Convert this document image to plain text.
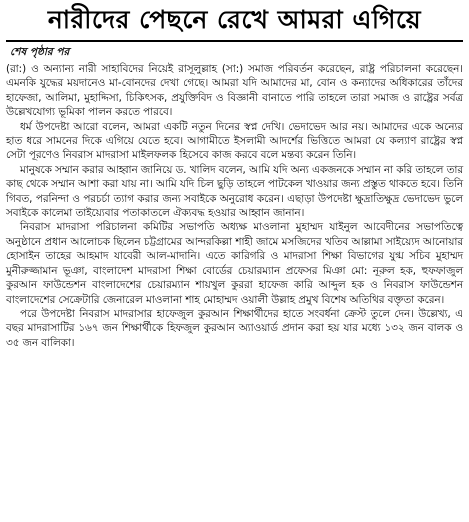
নারীদের পেছনে রেখে আমরা এগিয়ে
শেষ পৃষ্ঠার পর

(রা:) ও অন্যান্য নারী সাহাবিদের নিয়েই রাসূলুল্লাহ (সা:) সমাজ পরিবর্তন করেছেন, রাষ্ট্র পরিচালনা করেছেন। এমনকি যুদ্ধের ময়দানেও মা-বোনদের দেখা গেছে। আমরা যদি আমাদের মা, বোন ও কন্যাদের অধিকারের তাঁদের হাফেজা, আলিমা, মুহাদ্দিসা, চিকিৎসক, প্রযুক্তিবিদ ও বিজ্ঞানী বানাতে পারি তাহলে তারা সমাজ ও রাষ্ট্রের সর্বত্র উল্লেখযোগ্য ভূমিকা পালন করতে পারবে।

ধর্ম উপদেষ্টা আরো বলেন, আমরা একটি নতুন দিনের স্বপ্ন দেখি। ভেদাভেদ আর নয়। আমাদের একে অন্যের হাত ধরে সামনের দিকে এগিয়ে যেতে হবে। আগামীতে ইসলামী আদর্শের ভিত্তিতে আমরা যে কল্যাণ রাষ্ট্রের স্বপ্ন সেটা পূরণেও নিবরাস মাদরাসা মাইলফলক হিসেবে কাজ করবে বলে মন্তব্য করেন তিনি।

মানুষকে সম্মান করার আহ্বান জানিয়ে ড. খালিদ বলেন, আমি যদি অন্য একজনকে সম্মান না করি তাহলে তার কাছ থেকে সম্মান আশা করা যায় না। আমি যদি চিল ছুড়ি তাহলে পাটকেল খাওয়ার জন্য প্রস্তুত থাকতে হবে। তিনি গিবত, পরনিন্দা ও পরচর্চা ত্যাগ করার জন্য সবাইকে অনুরোধ করেন। এছাড়া উপদেষ্টা ক্ষুদ্রাতিক্ষুদ্র ভেদাভেদ ভুলে সবাইকে কালেমা তাইয়্যেবার পতাকাতলে ঐক্যবদ্ধ হওয়ার আহ্বান জানান।

নিবরাস মাদরাসা পরিচালনা কমিটির সভাপতি অধ্যক্ষ মাওলানা মুহাম্মদ যাইনুল আবেদীনের সভাপতিত্বে অনুষ্ঠানে প্রধান আলোচক ছিলেন চট্টগ্রামের আন্দরকিল্লা শাহী জামে মসজিদের খতিব আল্লামা সাইয়্যেদ আনোয়ার হোসাইন তাহের আহমাদ যাবেরী আল-মাদানি। এতে কারিগরি ও মাদরাসা শিক্ষা বিভাগের যুগ্ম সচিব মুহাম্মদ মুনীরুজ্জামান ভূঞা, বাংলাদেশ মাদরাসা শিক্ষা বোর্ডের চেয়ারম্যান প্রফেসর মিঞা মো: নূরুল হক, হুফফাজুল কুরআন ফাউন্ডেশন বাংলাদেশের চেয়ারম্যান শায়খুল কুররা হাফেজ কারি আব্দুল হক ও নিবরাস ফাউন্ডেশন বাংলাদেশের সেক্রেটারি জেনারেল মাওলানা শাহ মোহাম্মদ ওয়ালী উল্লাহ প্রমুখ বিশেষ অতিথির বক্তৃতা করেন।

পরে উপদেষ্টা নিবরাস মাদরাসার হাফেজুল কুরআন শিক্ষার্থীদের হাতে সংবর্ধনা ক্রেস্ট তুলে দেন। উল্লেখ্য, এ বছর মাদরাসাটির ১৬৭ জন শিক্ষার্থীকে হিফজুল কুরআন অ্যাওয়ার্ড প্রদান করা হয় যার মধ্যে ১৩২ জন বালক ও ৩৫ জন বালিকা।
